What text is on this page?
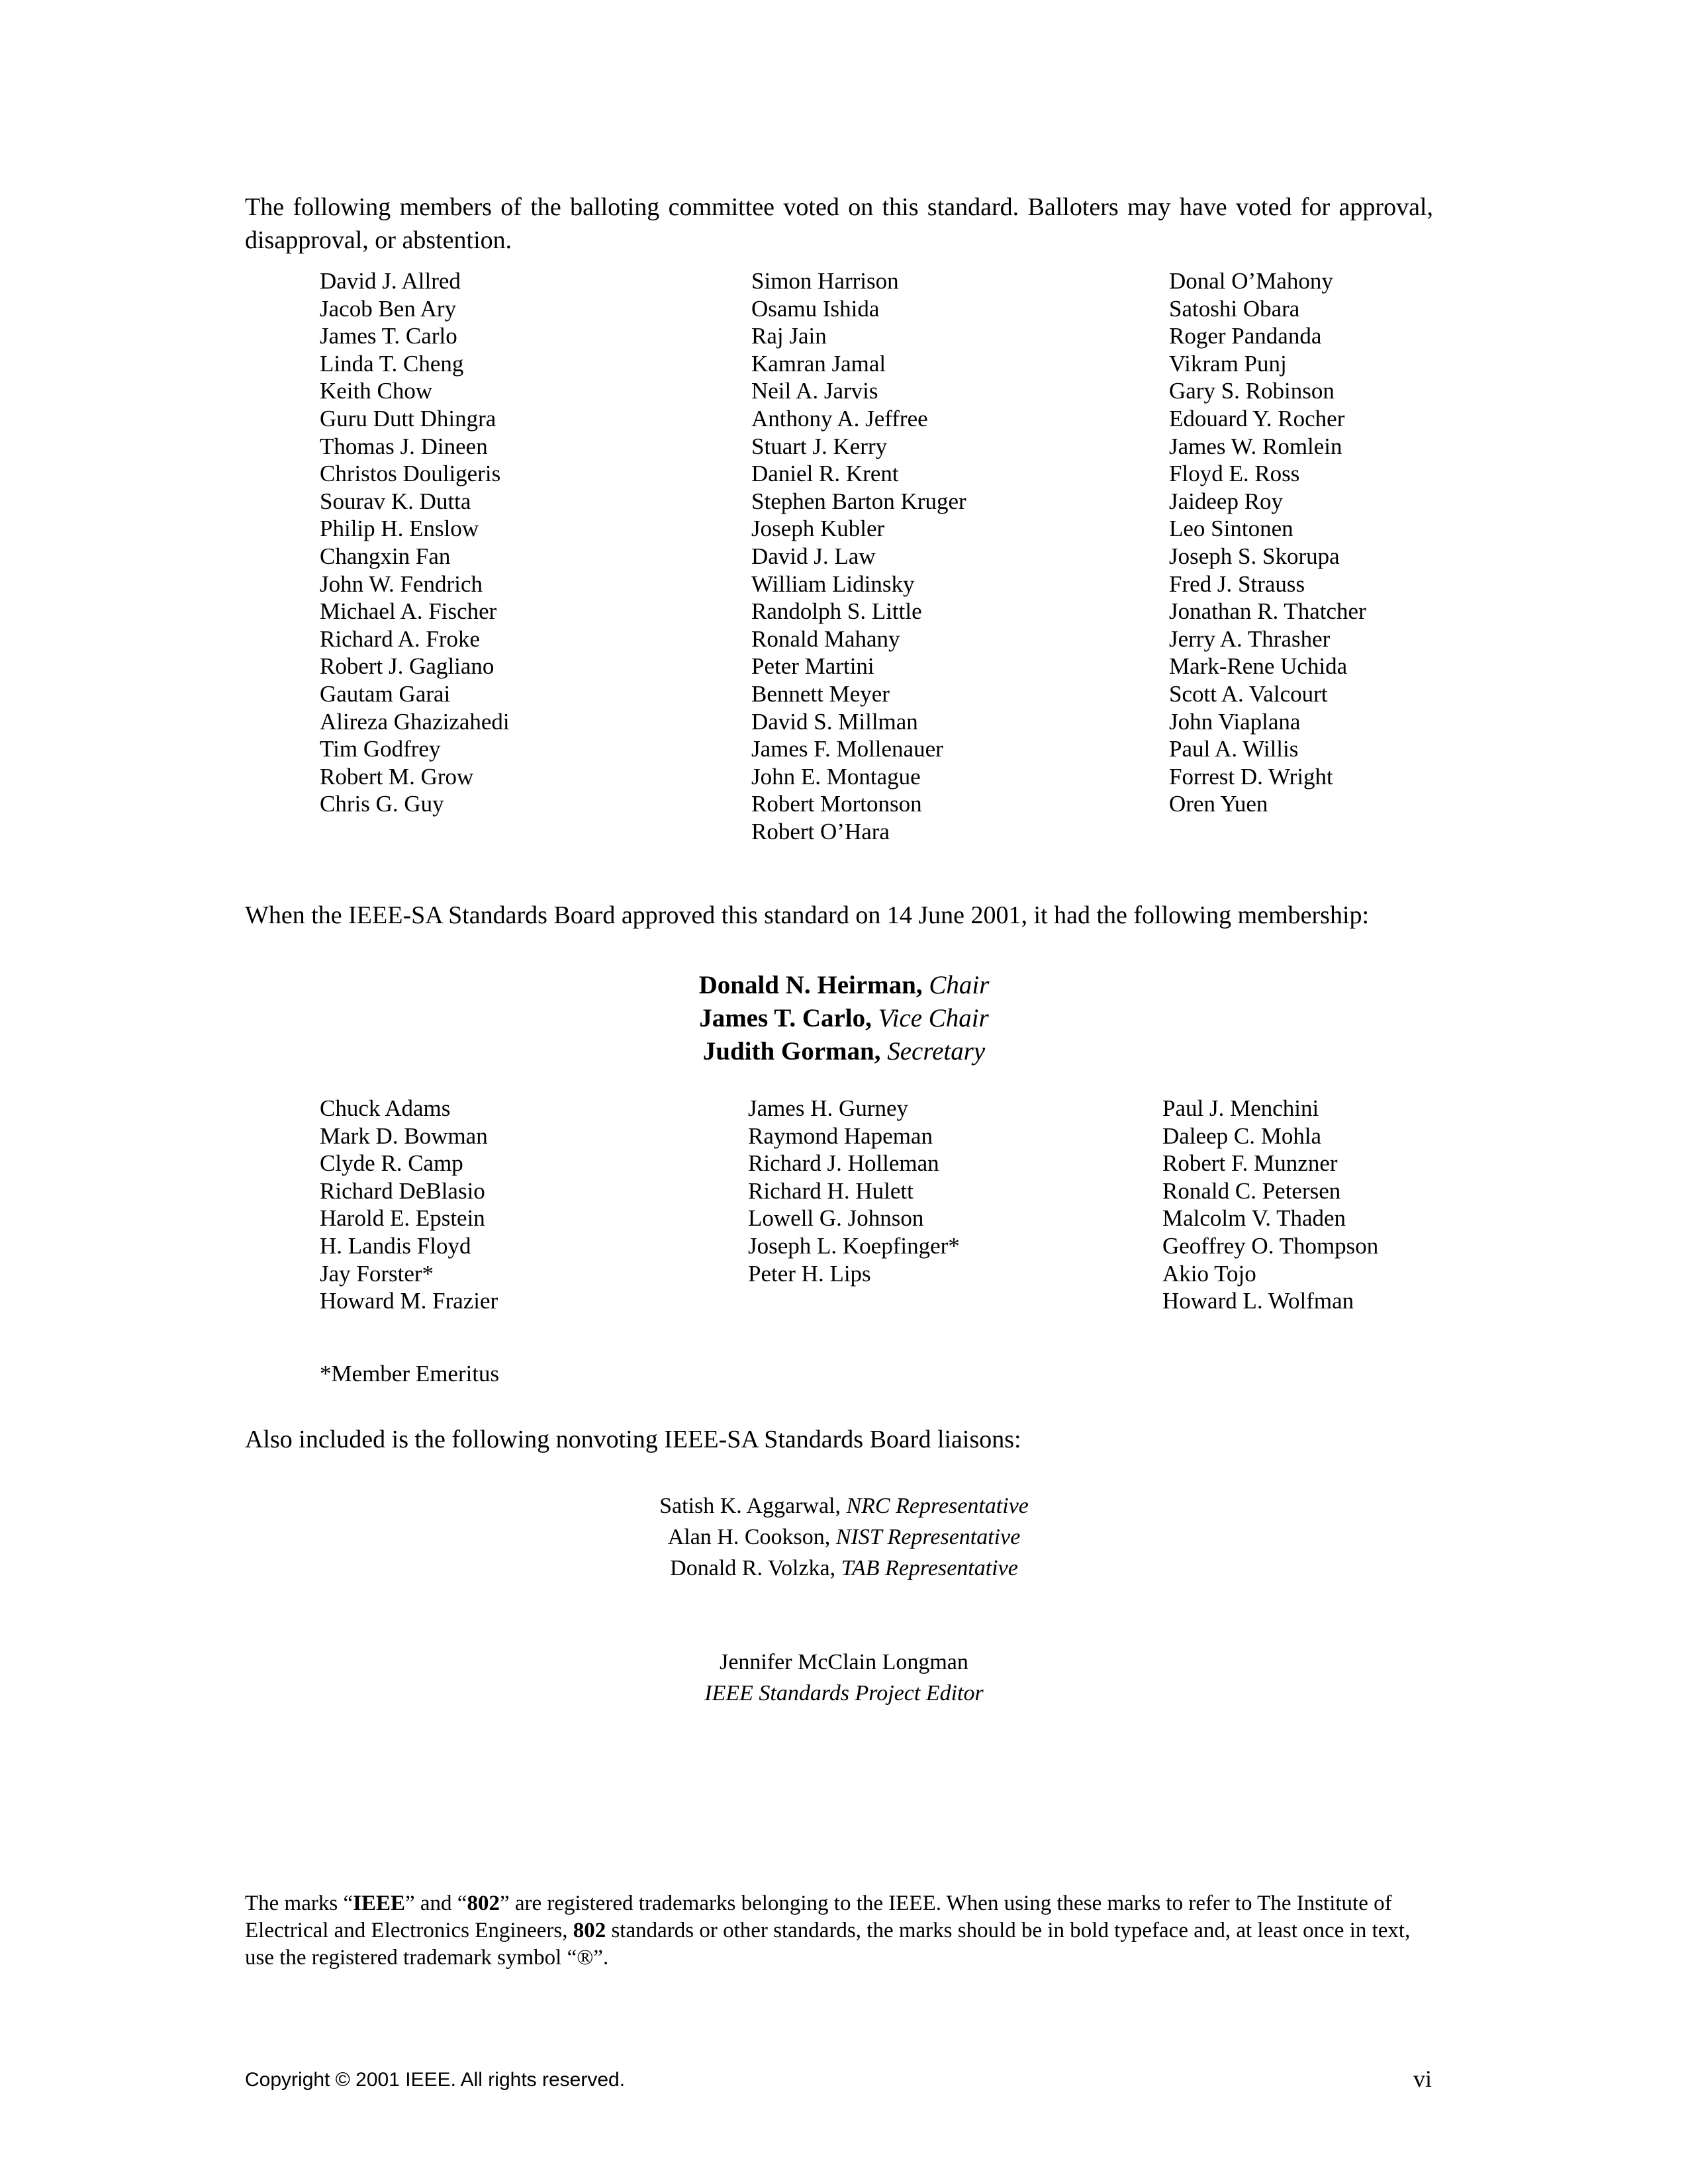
The following members of the balloting committee voted on this standard. Balloters may have voted for approval, disapproval, or abstention.
David J. Allred
Jacob Ben Ary
James T. Carlo
Linda T. Cheng
Keith Chow
Guru Dutt Dhingra
Thomas J. Dineen
Christos Douligeris
Sourav K. Dutta
Philip H. Enslow
Changxin Fan
John W. Fendrich
Michael A. Fischer
Richard A. Froke
Robert J. Gagliano
Gautam Garai
Alireza Ghazizahedi
Tim Godfrey
Robert M. Grow
Chris G. Guy
Simon Harrison
Osamu Ishida
Raj Jain
Kamran Jamal
Neil A. Jarvis
Anthony A. Jeffree
Stuart J. Kerry
Daniel R. Krent
Stephen Barton Kruger
Joseph Kubler
David J. Law
William Lidinsky
Randolph S. Little
Ronald Mahany
Peter Martini
Bennett Meyer
David S. Millman
James F. Mollenauer
John E. Montague
Robert Mortonson
Robert O’Hara
Donal O’Mahony
Satoshi Obara
Roger Pandanda
Vikram Punj
Gary S. Robinson
Edouard Y. Rocher
James W. Romlein
Floyd E. Ross
Jaideep Roy
Leo Sintonen
Joseph S. Skorupa
Fred J. Strauss
Jonathan R. Thatcher
Jerry A. Thrasher
Mark-Rene Uchida
Scott A. Valcourt
John Viaplana
Paul A. Willis
Forrest D. Wright
Oren Yuen
When the IEEE-SA Standards Board approved this standard on 14 June 2001, it had the following membership:
Donald N. Heirman, Chair
James T. Carlo, Vice Chair
Judith Gorman, Secretary
Chuck Adams
Mark D. Bowman
Clyde R. Camp
Richard DeBlasio
Harold E. Epstein
H. Landis Floyd
Jay Forster*
Howard M. Frazier
James H. Gurney
Raymond Hapeman
Richard J. Holleman
Richard H. Hulett
Lowell G. Johnson
Joseph L. Koepfinger*
Peter H. Lips
Paul J. Menchini
Daleep C. Mohla
Robert F. Munzner
Ronald C. Petersen
Malcolm V. Thaden
Geoffrey O. Thompson
Akio Tojo
Howard L. Wolfman
*Member Emeritus
Also included is the following nonvoting IEEE-SA Standards Board liaisons:
Satish K. Aggarwal, NRC Representative
Alan H. Cookson, NIST Representative
Donald R. Volzka, TAB Representative
Jennifer McClain Longman
IEEE Standards Project Editor
The marks “IEEE” and “802” are registered trademarks belonging to the IEEE. When using these marks to refer to The Institute of Electrical and Electronics Engineers, 802 standards or other standards, the marks should be in bold typeface and, at least once in text, use the registered trademark symbol “®”.
Copyright © 2001 IEEE. All rights reserved.	vi
